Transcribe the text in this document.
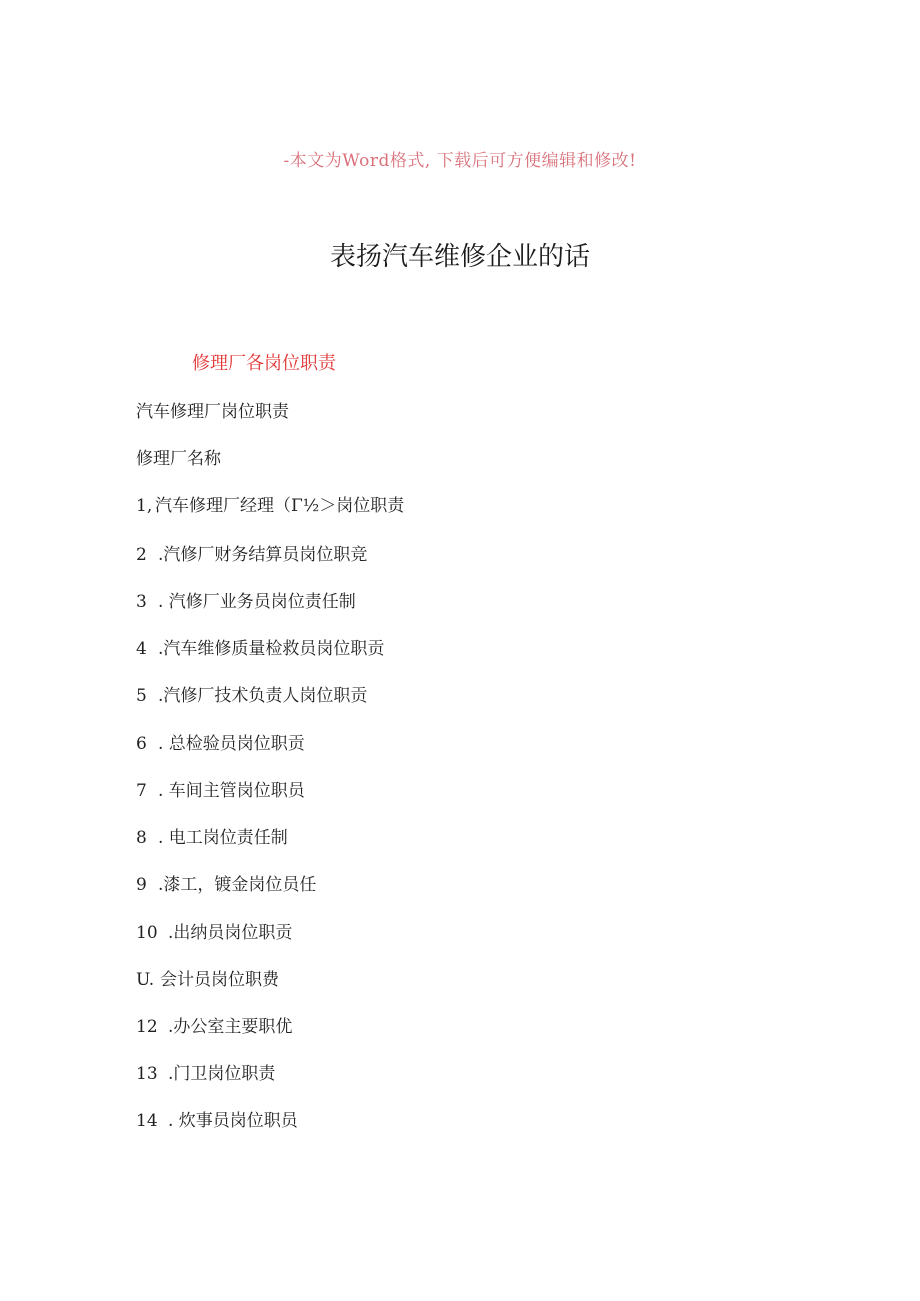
-本文为Word格式, 下载后可方便编辑和修改!
表扬汽车维修企业的话
修理厂各岗位职责
汽车修理厂岗位职责
修理厂名称
1, 汽车修理厂经理（Γ½＞岗位职责
2 .汽修厂财务结算员岗位职竞
3 . 汽修厂业务员岗位责任制
4 .汽车维修质量检救员岗位职贡
5 .汽修厂技术负责人岗位职贡
6 . 总检验员岗位职贡
7 . 车间主管岗位职员
8 . 电工岗位责任制
9 .漆工，镀金岗位员任
10 .出纳员岗位职贡
U. 会计员岗位职费
12 .办公室主要职优
13 .门卫岗位职责
14 . 炊事员岗位职员
